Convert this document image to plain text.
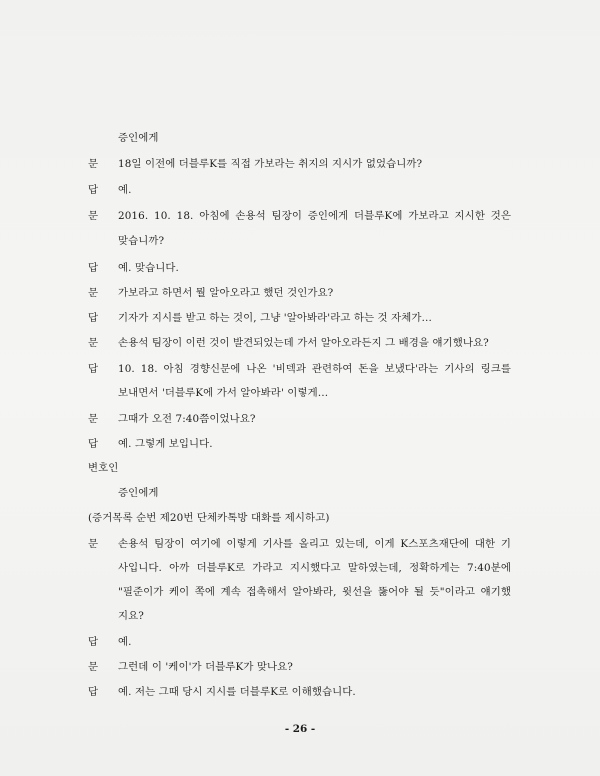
증인에게
문 18일 이전에 더블루K를 직접 가보라는 취지의 지시가 없었습니까?
답 예.
문 2016. 10. 18. 아침에 손용석 팀장이 증인에게 더블루K에 가보라고 지시한 것은
맞습니까?
답 예. 맞습니다.
문 가보라고 하면서 뭘 알아오라고 했던 것인가요?
답 기자가 지시를 받고 하는 것이, 그냥 '알아봐라'라고 하는 것 자체가…
문 손용석 팀장이 이런 것이 발견되었는데 가서 알아오라든지 그 배경을 얘기했나요?
답 10. 18. 아침 경향신문에 나온 '비덱과 관련하여 돈을 보냈다'라는 기사의 링크를
보내면서 '더블루K에 가서 알아봐라' 이렇게…
문 그때가 오전 7:40쯤이었나요?
답 예. 그렇게 보입니다.
변호인
증인에게
(증거목록 순번 제20번 단체카톡방 대화를 제시하고)
문 손용석 팀장이 여기에 이렇게 기사를 올리고 있는데, 이게 K스포츠재단에 대한 기
사입니다. 아까 더블루K로 가라고 지시했다고 말하였는데, 정확하게는 7:40분에
"필준이가 케이 쪽에 계속 접촉해서 알아봐라, 윗선을 뚫어야 될 듯"이라고 얘기했
지요?
답 예.
문 그런데 이 '케이'가 더블루K가 맞나요?
답 예. 저는 그때 당시 지시를 더블루K로 이해했습니다.
- 26 -
